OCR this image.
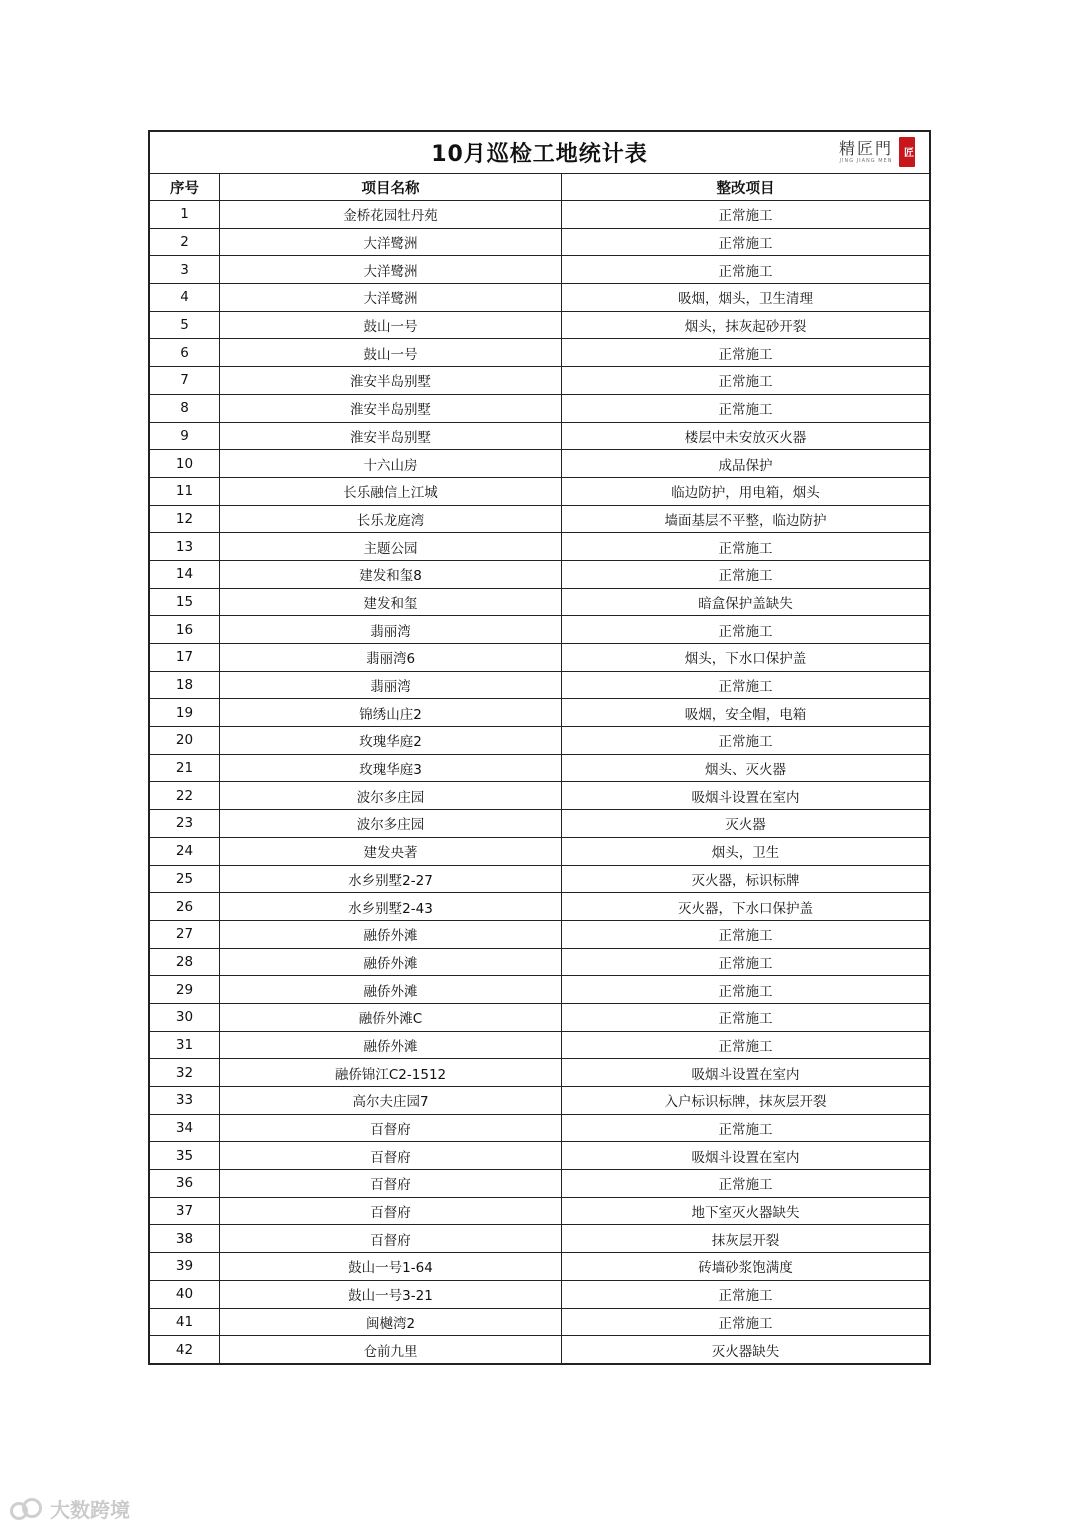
10月巡检工地统计表	精匠門
JING JIANG MEN
匠
序号	项目名称	整改项目
1	金桥花园牡丹苑	正常施工
2	大洋鹭洲	正常施工
3	大洋鹭洲	正常施工
4	大洋鹭洲	吸烟，烟头，卫生清理
5	鼓山一号	烟头，抹灰起砂开裂
6	鼓山一号	正常施工
7	淮安半岛别墅	正常施工
8	淮安半岛别墅	正常施工
9	淮安半岛别墅	楼层中未安放灭火器
10	十六山房	成品保护
11	长乐融信上江城	临边防护，用电箱，烟头
12	长乐龙庭湾	墙面基层不平整，临边防护
13	主题公园	正常施工
14	建发和玺8	正常施工
15	建发和玺	暗盒保护盖缺失
16	翡丽湾	正常施工
17	翡丽湾6	烟头，下水口保护盖
18	翡丽湾	正常施工
19	锦绣山庄2	吸烟，安全帽，电箱
20	玫瑰华庭2	正常施工
21	玫瑰华庭3	烟头、灭火器
22	波尔多庄园	吸烟斗设置在室内
23	波尔多庄园	灭火器
24	建发央著	烟头，卫生
25	水乡别墅2-27	灭火器，标识标牌
26	水乡别墅2-43	灭火器，下水口保护盖
27	融侨外滩	正常施工
28	融侨外滩	正常施工
29	融侨外滩	正常施工
30	融侨外滩C	正常施工
31	融侨外滩	正常施工
32	融侨锦江C2-1512	吸烟斗设置在室内
33	高尔夫庄园7	入户标识标牌，抹灰层开裂
34	百督府	正常施工
35	百督府	吸烟斗设置在室内
36	百督府	正常施工
37	百督府	地下室灭火器缺失
38	百督府	抹灰层开裂
39	鼓山一号1-64	砖墙砂浆饱满度
40	鼓山一号3-21	正常施工
41	闽樾湾2	正常施工
42	仓前九里	灭火器缺失
大数跨境
